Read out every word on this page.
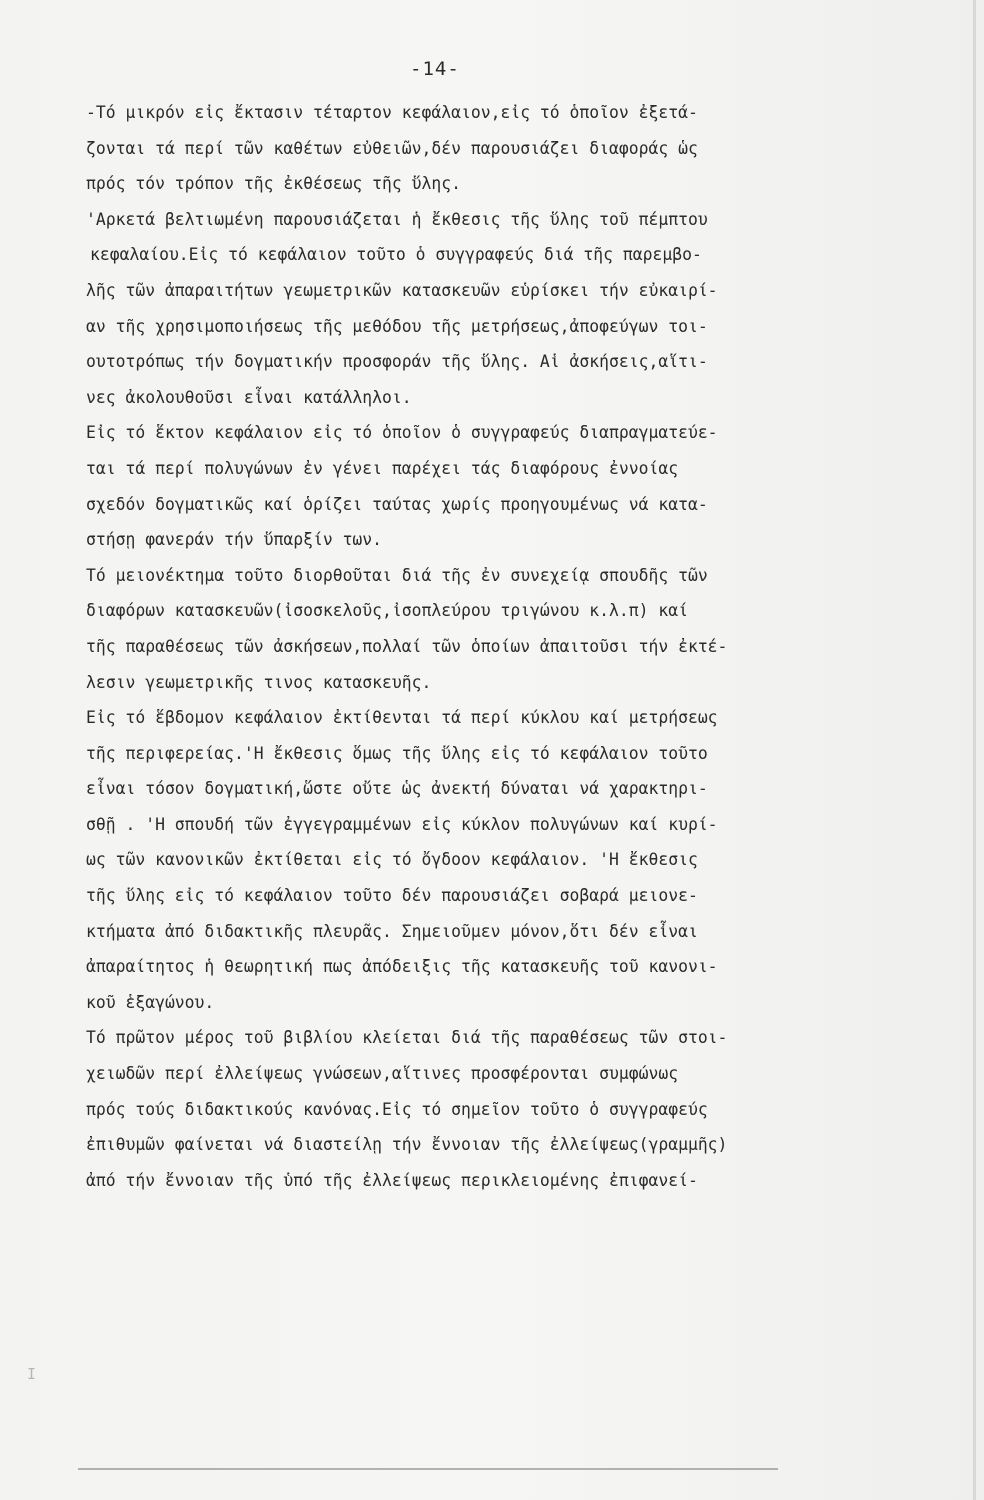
Ι
-14-
-Τό μικρόν εἰς ἔκτασιν τέταρτον κεφάλαιον,εἰς τό ὁποῖον ἐξετά-
ζονται τά περί τῶν καθέτων εὐθειῶν,δέν παρουσιάζει διαφοράς ὡς
πρός τόν τρόπον τῆς ἐκθέσεως τῆς ὕλης.
'Αρκετά βελτιωμένη παρουσιάζεται ἡ ἔκθεσις τῆς ὕλης τοῦ πέμπτου
κεφαλαίου.Εἰς τό κεφάλαιον τοῦτο ὁ συγγραφεύς διά τῆς παρεμβο-
λῆς τῶν ἀπαραιτήτων γεωμετρικῶν κατασκευῶν εὑρίσκει τήν εὐκαιρί-
αν τῆς χρησιμοποιήσεως τῆς μεθόδου τῆς μετρήσεως,ἀποφεύγων τοι-
ουτοτρόπως τήν δογματικήν προσφοράν τῆς ὕλης. Αἱ ἀσκήσεις,αἵτι-
νες ἀκολουθοῦσι εἶναι κατάλληλοι.
Εἰς τό ἕκτον κεφάλαιον εἰς τό ὁποῖον ὁ συγγραφεύς διαπραγματεύε-
ται τά περί πολυγώνων ἐν γένει παρέχει τάς διαφόρους ἐννοίας
σχεδόν δογματικῶς καί ὁρίζει ταύτας χωρίς προηγουμένως νά κατα-
στήσῃ φανεράν τήν ὕπαρξίν των.
Τό μειονέκτημα τοῦτο διορθοῦται διά τῆς ἐν συνεχείᾳ σπουδῆς τῶν
διαφόρων κατασκευῶν(ἰσοσκελοῦς,ἰσοπλεύρου τριγώνου κ.λ.π) καί
τῆς παραθέσεως τῶν ἀσκήσεων,πολλαί τῶν ὁποίων ἀπαιτοῦσι τήν ἐκτέ-
λεσιν γεωμετρικῆς τινος κατασκευῆς.
Εἰς τό ἕβδομον κεφάλαιον ἐκτίθενται τά περί κύκλου καί μετρήσεως
τῆς περιφερείας.'Η ἔκθεσις ὅμως τῆς ὕλης εἰς τό κεφάλαιον τοῦτο
εἶναι τόσον δογματική,ὥστε οὔτε ὡς ἀνεκτή δύναται νά χαρακτηρι-
σθῇ . 'Η σπουδή τῶν ἐγγεγραμμένων εἰς κύκλον πολυγώνων καί κυρί-
ως τῶν κανονικῶν ἐκτίθεται εἰς τό ὄγδοον κεφάλαιον. 'Η ἔκθεσις
τῆς ὕλης εἰς τό κεφάλαιον τοῦτο δέν παρουσιάζει σοβαρά μειονε-
κτήματα ἀπό διδακτικῆς πλευρᾶς. Σημειοῦμεν μόνον,ὅτι δέν εἶναι
ἀπαραίτητος ἡ θεωρητική πως ἀπόδειξις τῆς κατασκευῆς τοῦ κανονι-
κοῦ ἑξαγώνου.
Τό πρῶτον μέρος τοῦ βιβλίου κλείεται διά τῆς παραθέσεως τῶν στοι-
χειωδῶν περί ἐλλείψεως γνώσεων,αἵτινες προσφέρονται συμφώνως
πρός τούς διδακτικούς κανόνας.Εἰς τό σημεῖον τοῦτο ὁ συγγραφεύς
ἐπιθυμῶν φαίνεται νά διαστείλῃ τήν ἔννοιαν τῆς ἐλλείψεως(γραμμῆς)
ἀπό τήν ἔννοιαν τῆς ὑπό τῆς ἐλλείψεως περικλειομένης ἐπιφανεί-
